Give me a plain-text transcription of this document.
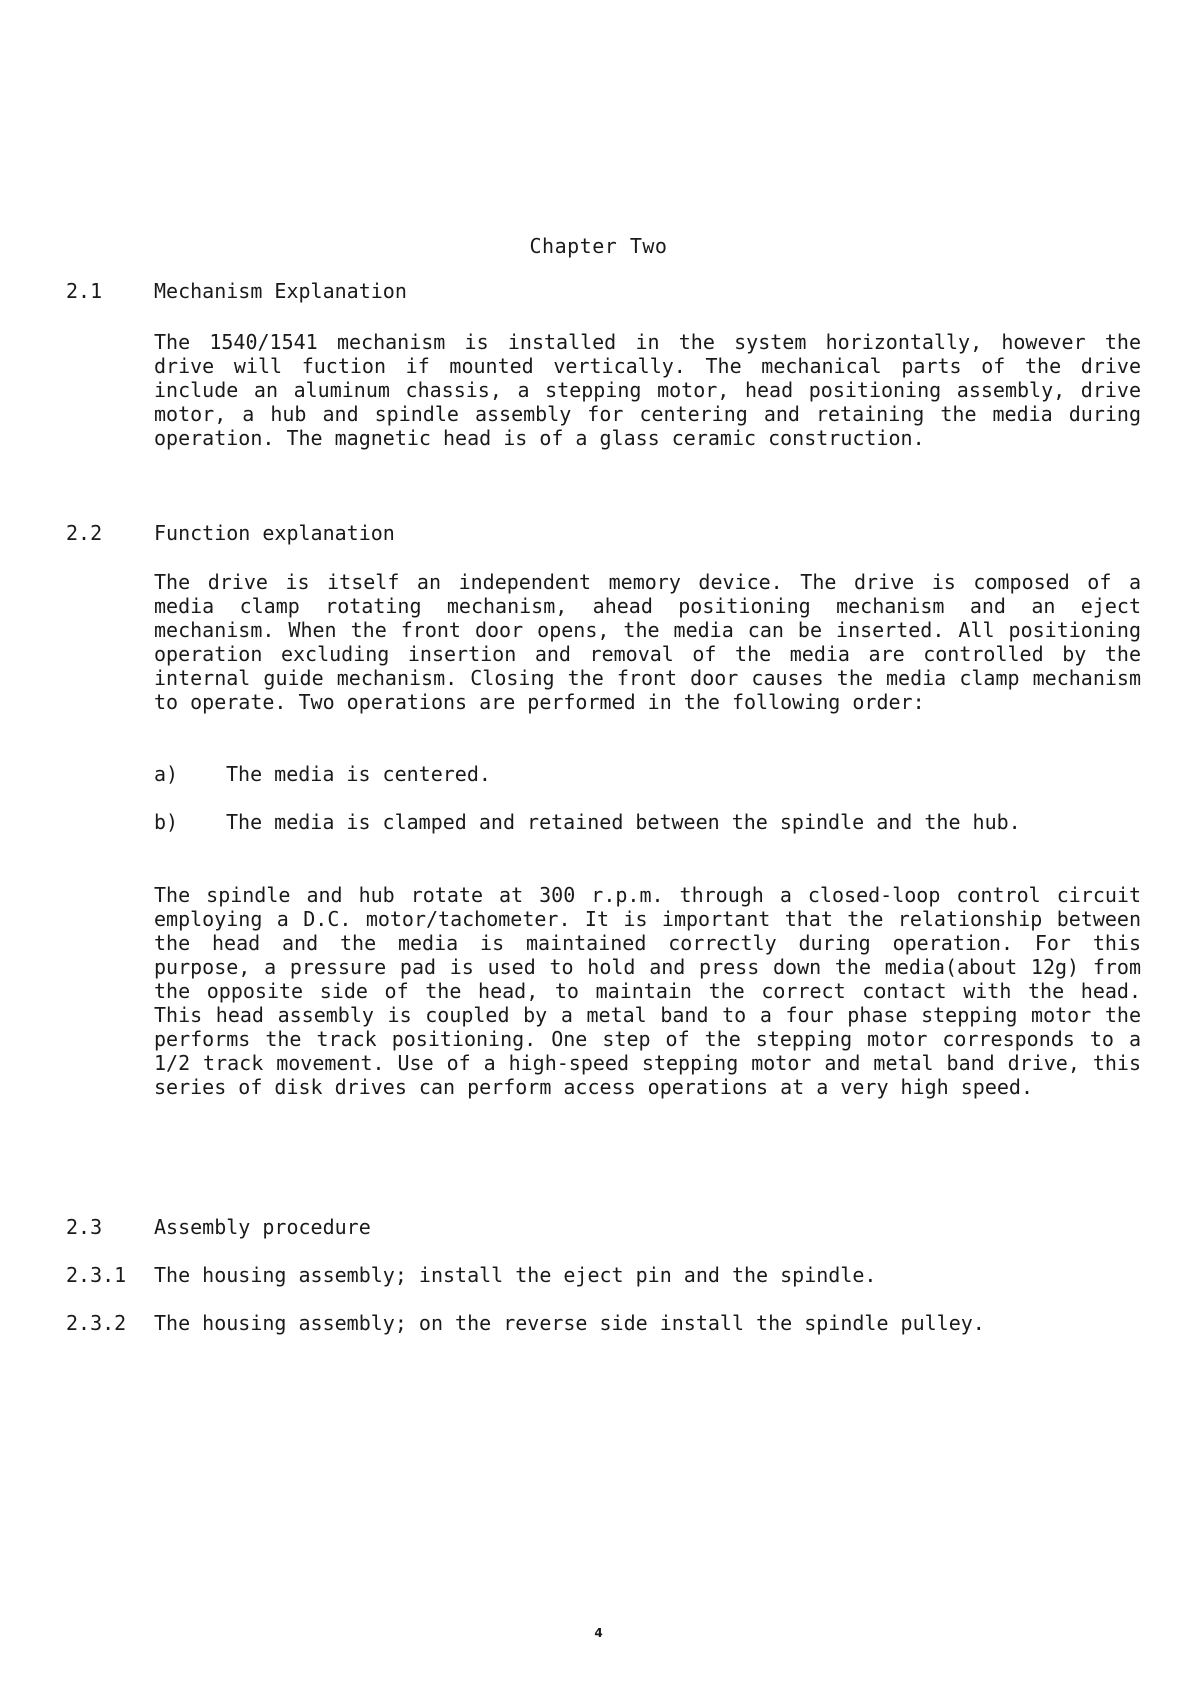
Chapter Two
2.1	Mechanism Explanation

The 1540/1541 mechanism is installed in the system horizontally, however the drive will fuction if mounted vertically. The mechanical parts of the drive include an aluminum chassis, a stepping motor, head positioning assembly, drive motor, a hub and spindle assembly for centering and retaining the media during operation. The magnetic head is of a glass ceramic construction.

2.2	Function explanation

The drive is itself an independent memory device. The drive is composed of a media clamp rotating mechanism, ahead positioning mechanism and an eject mechanism. When the front door opens, the media can be inserted. All positioning operation excluding insertion and removal of the media are controlled by the internal guide mechanism. Closing the front door causes the media clamp mechanism to operate. Two operations are performed in the following order:

a) The media is centered.

b) The media is clamped and retained between the spindle and the hub.

The spindle and hub rotate at 300 r.p.m. through a closed-loop control circuit employing a D.C. motor/tachometer. It is important that the relationship between the head and the media is maintained correctly during operation. For this purpose, a pressure pad is used to hold and press down the media(about 12g) from the opposite side of the head, to maintain the correct contact with the head. This head assembly is coupled by a metal band to a four phase stepping motor the performs the track positioning. One step of the stepping motor corresponds to a 1/2 track movement. Use of a high-speed stepping motor and metal band drive, this series of disk drives can perform access operations at a very high speed.

2.3	Assembly procedure
2.3.1 The housing assembly; install the eject pin and the spindle.

2.3.2 The housing assembly; on the reverse side install the spindle pulley.

4
